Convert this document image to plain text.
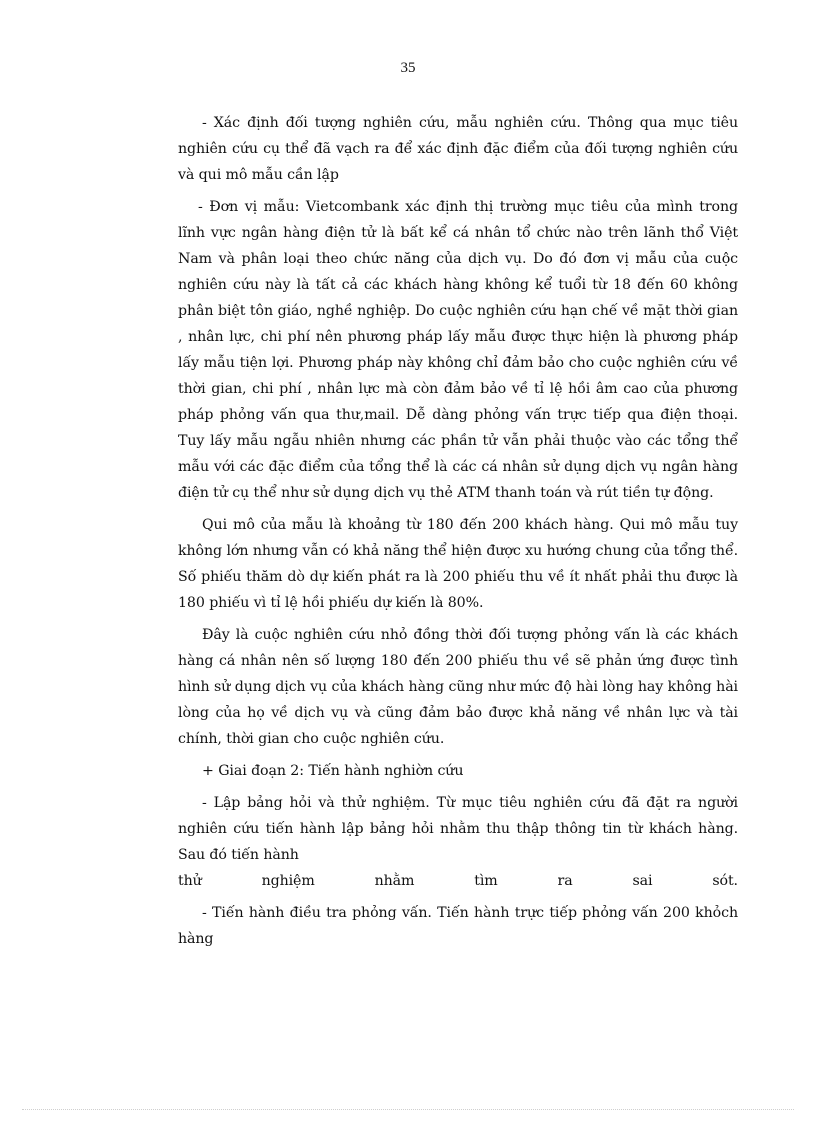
35

- Xác định đối tượng nghiên cứu, mẫu nghiên cứu. Thông qua mục tiêu nghiên cứu cụ thể đã vạch ra để xác định đặc điểm của đối tượng nghiên cứu và qui mô mẫu cần lập

- Đơn vị mẫu: Vietcombank xác định thị trường mục tiêu của mình trong lĩnh vực ngân hàng điện tử là bất kể cá nhân tổ chức nào trên lãnh thổ Việt Nam và phân loại theo chức năng của dịch vụ. Do đó đơn vị mẫu của cuộc nghiên cứu này là tất cả các khách hàng không kể tuổi từ 18 đến 60 không phân biệt tôn giáo, nghề nghiệp. Do cuộc nghiên cứu hạn chế về mặt thời gian , nhân lực, chi phí nên phương pháp lấy mẫu được thực hiện là phương pháp lấy mẫu tiện lợi. Phương pháp này không chỉ đảm bảo cho cuộc nghiên cứu về thời gian, chi phí , nhân lực mà còn đảm bảo về tỉ lệ hồi âm cao của phương pháp phỏng vấn qua thư,mail. Dễ dàng phỏng vấn trực tiếp qua điện thoại. Tuy lấy mẫu ngẫu nhiên nhưng các phần tử vẫn phải thuộc vào các tổng thể mẫu với các đặc điểm của tổng thể là các cá nhân sử dụng dịch vụ ngân hàng điện tử cụ thể như sử dụng dịch vụ thẻ ATM thanh toán và rút tiền tự động.

Qui mô của mẫu là khoảng từ 180 đến 200 khách hàng. Qui mô mẫu tuy không lớn nhưng vẫn có khả năng thể hiện được xu hướng chung của tổng thể. Số phiếu thăm dò dự kiến phát ra là 200 phiếu thu về ít nhất phải thu được là 180 phiếu vì tỉ lệ hồi phiếu dự kiến là 80%.

Đây là cuộc nghiên cứu nhỏ đồng thời đối tượng phỏng vấn là các khách hàng cá nhân nên số lượng 180 đến 200 phiếu thu về sẽ phản ứng được tình hình sử dụng dịch vụ của khách hàng cũng như mức độ hài lòng hay không hài lòng của họ về dịch vụ và cũng đảm bảo được khả năng về nhân lực và tài chính, thời gian cho cuộc nghiên cứu.

+ Giai đoạn 2: Tiến hành nghiờn cứu

- Lập bảng hỏi và thử nghiệm. Từ mục tiêu nghiên cứu đã đặt ra người nghiên cứu tiến hành lập bảng hỏi nhằm thu thập thông tin từ khách hàng. Sau đó tiến hành

thử	nghiệm	nhằm	tìm	ra	sai	sót.

- Tiến hành điều tra phỏng vấn. Tiến hành trực tiếp phỏng vấn 200 khỏch hàng
